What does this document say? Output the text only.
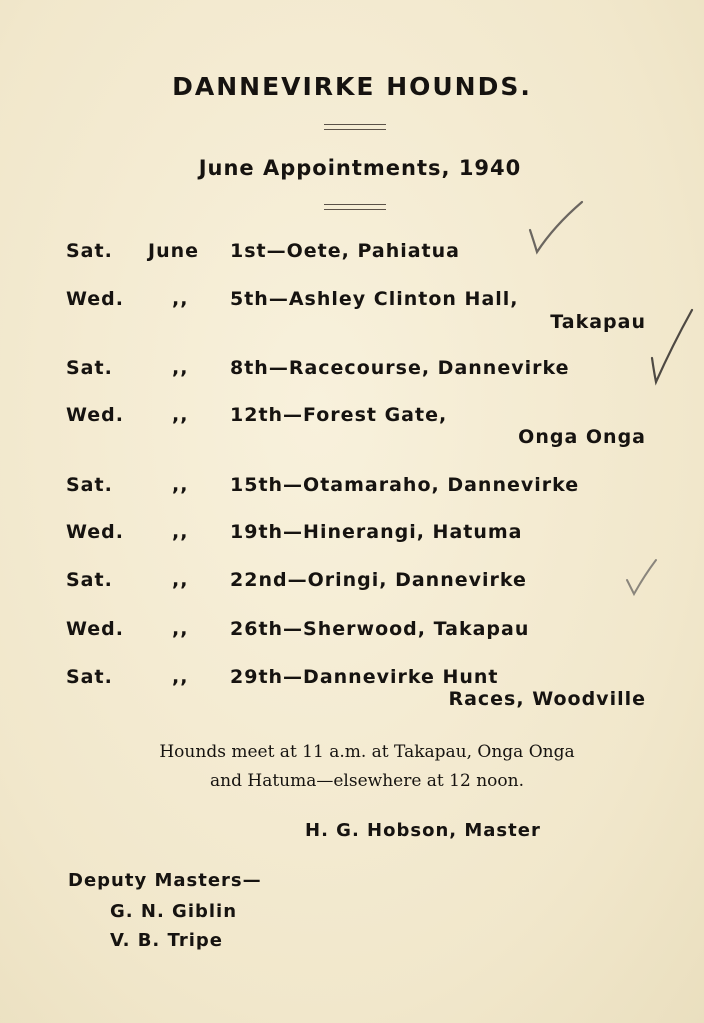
DANNEVIRKE HOUNDS.
June Appointments, 1940
Sat. June 1st—Oete, Pahiatua
Wed.	,, 5th—Ashley Clinton Hall,
Takapau
Sat.	,, 8th—Racecourse, Dannevirke
Wed.	,, 12th—Forest Gate,
Onga Onga
Sat.	,, 15th—Otamaraho, Dannevirke
Wed.	,, 19th—Hinerangi, Hatuma
Sat.	,, 22nd—Oringi, Dannevirke
Wed.	,, 26th—Sherwood, Takapau
Sat.	,, 29th—Dannevirke Hunt
Races, Woodville
Hounds meet at 11 a.m. at Takapau, Onga Onga
and Hatuma—elsewhere at 12 noon.
H. G. Hobson, Master
Deputy Masters—
G. N. Giblin
V. B. Tripe
